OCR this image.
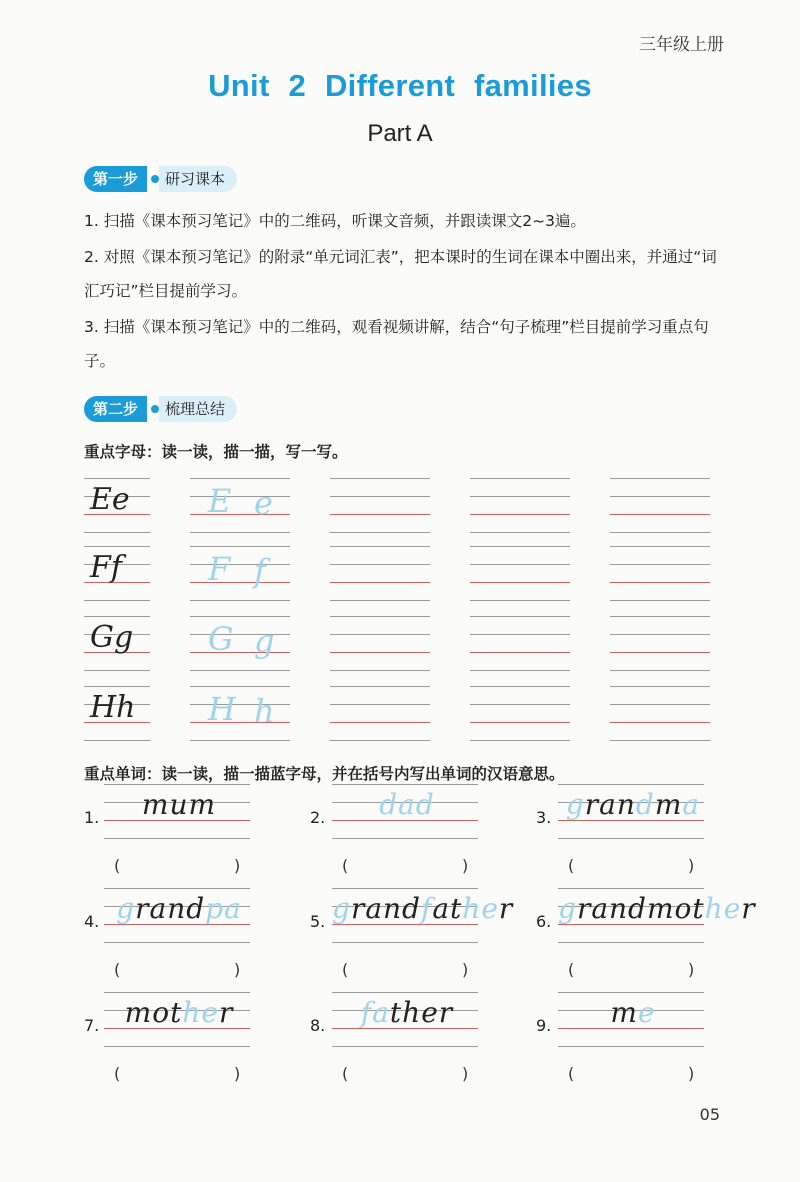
三年级上册
Unit 2 Different families
Part A
第一步	研习课本
1. 扫描《课本预习笔记》中的二维码，听课文音频，并跟读课文2~3遍。
2. 对照《课本预习笔记》的附录“单元词汇表”，把本课时的生词在课本中圈出来，并通过“词汇巧记”栏目提前学习。
3. 扫描《课本预习笔记》中的二维码，观看视频讲解，结合“句子梳理”栏目提前学习重点句子。
第二步	梳理总结
重点字母：读一读，描一描，写一写。
Ee E e
Ff	F f
Gg G g
Hh H h
重点单词：读一读，描一描蓝字母，并在括号内写出单词的汉语意思。
1.	mum
(	)
2.	dad
(	)
3. grandma
(	)
4. grandpa
(	)
5. grandfather
(	)
6. grandmother
(	)
7. mother
(	)
8.	father
(	)
9.	me
(	)
05
